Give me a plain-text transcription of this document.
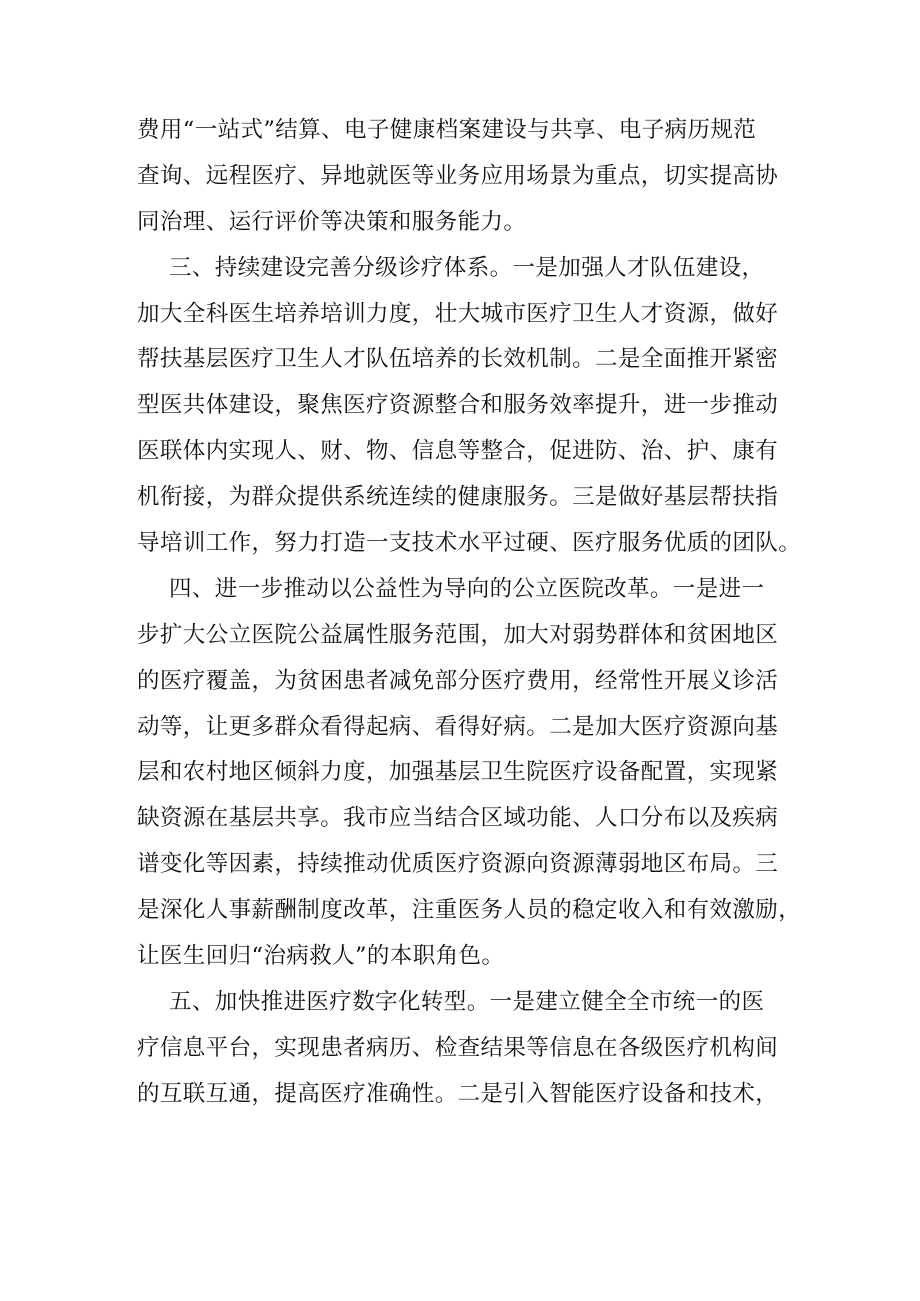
费用“一站式”结算、电子健康档案建设与共享、电子病历规范
查询、远程医疗、异地就医等业务应用场景为重点，切实提高协
同治理、运行评价等决策和服务能力。
三、持续建设完善分级诊疗体系。一是加强人才队伍建设，
加大全科医生培养培训力度，壮大城市医疗卫生人才资源，做好
帮扶基层医疗卫生人才队伍培养的长效机制。二是全面推开紧密
型医共体建设，聚焦医疗资源整合和服务效率提升，进一步推动
医联体内实现人、财、物、信息等整合，促进防、治、护、康有
机衔接，为群众提供系统连续的健康服务。三是做好基层帮扶指
导培训工作，努力打造一支技术水平过硬、医疗服务优质的团队。
四、进一步推动以公益性为导向的公立医院改革。一是进一
步扩大公立医院公益属性服务范围，加大对弱势群体和贫困地区
的医疗覆盖，为贫困患者减免部分医疗费用，经常性开展义诊活
动等，让更多群众看得起病、看得好病。二是加大医疗资源向基
层和农村地区倾斜力度，加强基层卫生院医疗设备配置，实现紧
缺资源在基层共享。我市应当结合区域功能、人口分布以及疾病
谱变化等因素，持续推动优质医疗资源向资源薄弱地区布局。三
是深化人事薪酬制度改革，注重医务人员的稳定收入和有效激励，
让医生回归“治病救人”的本职角色。
五、加快推进医疗数字化转型。一是建立健全全市统一的医
疗信息平台，实现患者病历、检查结果等信息在各级医疗机构间
的互联互通，提高医疗准确性。二是引入智能医疗设备和技术，
